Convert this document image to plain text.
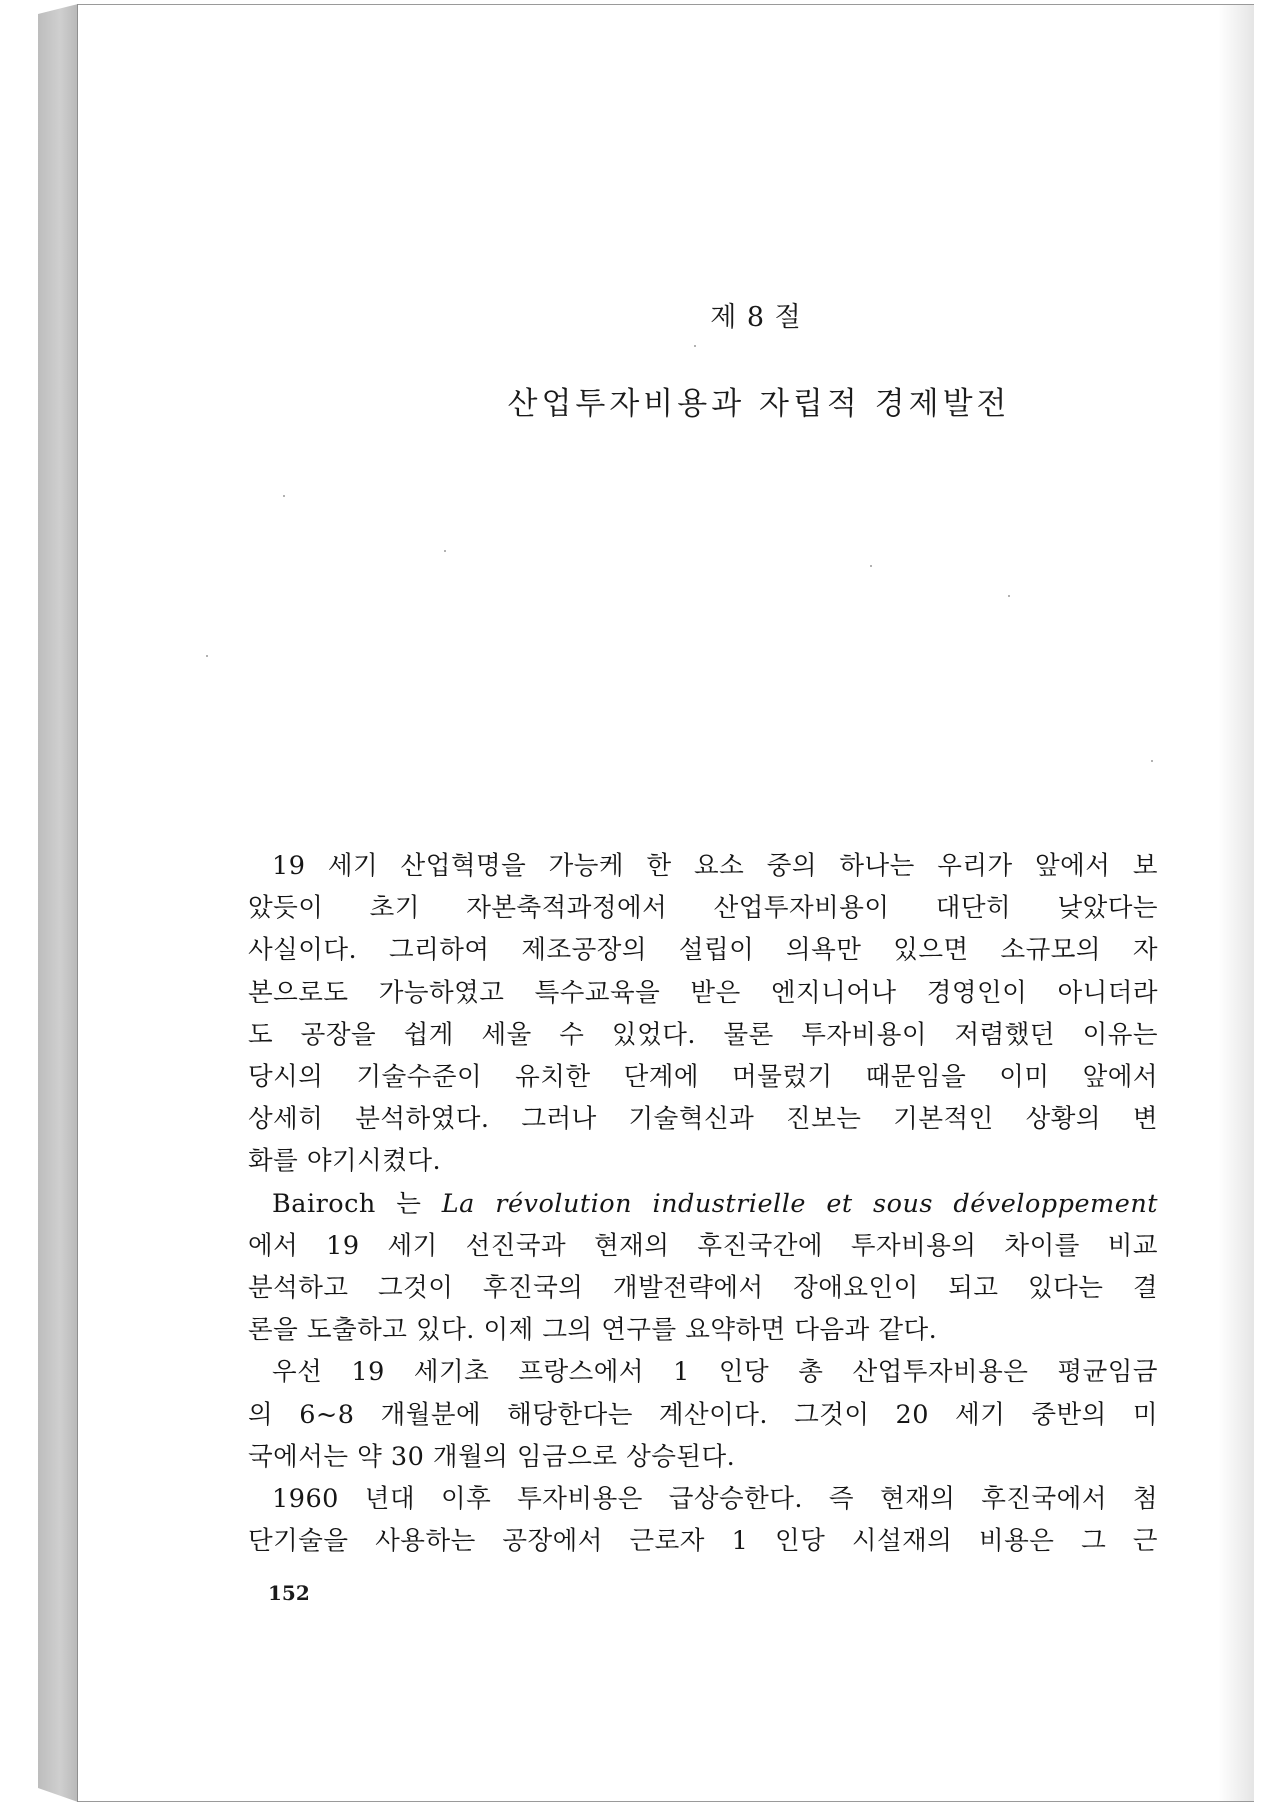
제 8 절
산업투자비용과 자립적 경제발전
19 세기 산업혁명을 가능케 한 요소 중의 하나는 우리가 앞에서 보
았듯이 초기 자본축적과정에서 산업투자비용이 대단히 낮았다는
사실이다. 그리하여 제조공장의 설립이 의욕만 있으면 소규모의 자
본으로도 가능하였고 특수교육을 받은 엔지니어나 경영인이 아니더라
도 공장을 쉽게 세울 수 있었다. 물론 투자비용이 저렴했던 이유는
당시의 기술수준이 유치한 단계에 머물렀기 때문임을 이미 앞에서
상세히 분석하였다. 그러나 기술혁신과 진보는 기본적인 상황의 변
화를 야기시켰다.
Bairoch 는 La révolution industrielle et sous développement
에서 19 세기 선진국과 현재의 후진국간에 투자비용의 차이를 비교
분석하고 그것이 후진국의 개발전략에서 장애요인이 되고 있다는 결
론을 도출하고 있다. 이제 그의 연구를 요약하면 다음과 같다.
우선 19 세기초 프랑스에서 1 인당 총 산업투자비용은 평균임금
의 6~8 개월분에 해당한다는 계산이다. 그것이 20 세기 중반의 미
국에서는 약 30 개월의 임금으로 상승된다.
1960 년대 이후 투자비용은 급상승한다. 즉 현재의 후진국에서 첨
단기술을 사용하는 공장에서 근로자 1 인당 시설재의 비용은 그 근
152
